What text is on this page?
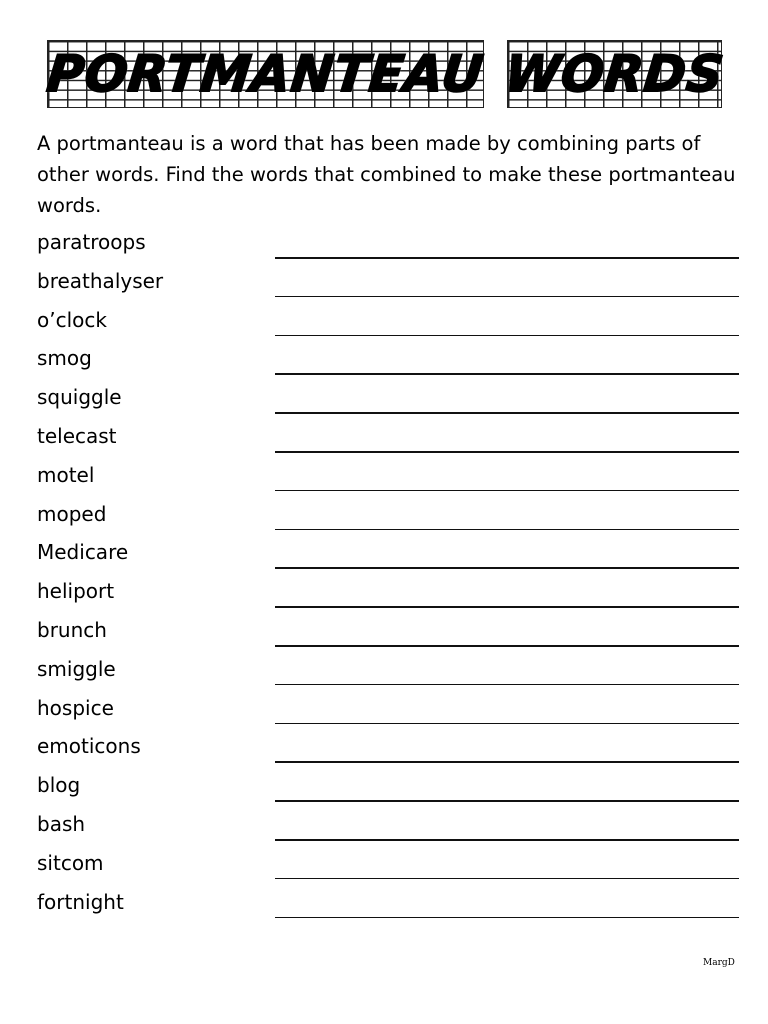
PORTMANTEAU WORDS
A portmanteau is a word that has been made by combining parts of other words. Find the words that combined to make these portmanteau words.
paratroops
breathalyser
o’clock
smog
squiggle
telecast
motel
moped
Medicare
heliport
brunch
smiggle
hospice
emoticons
blog
bash
sitcom
fortnight
MargD
